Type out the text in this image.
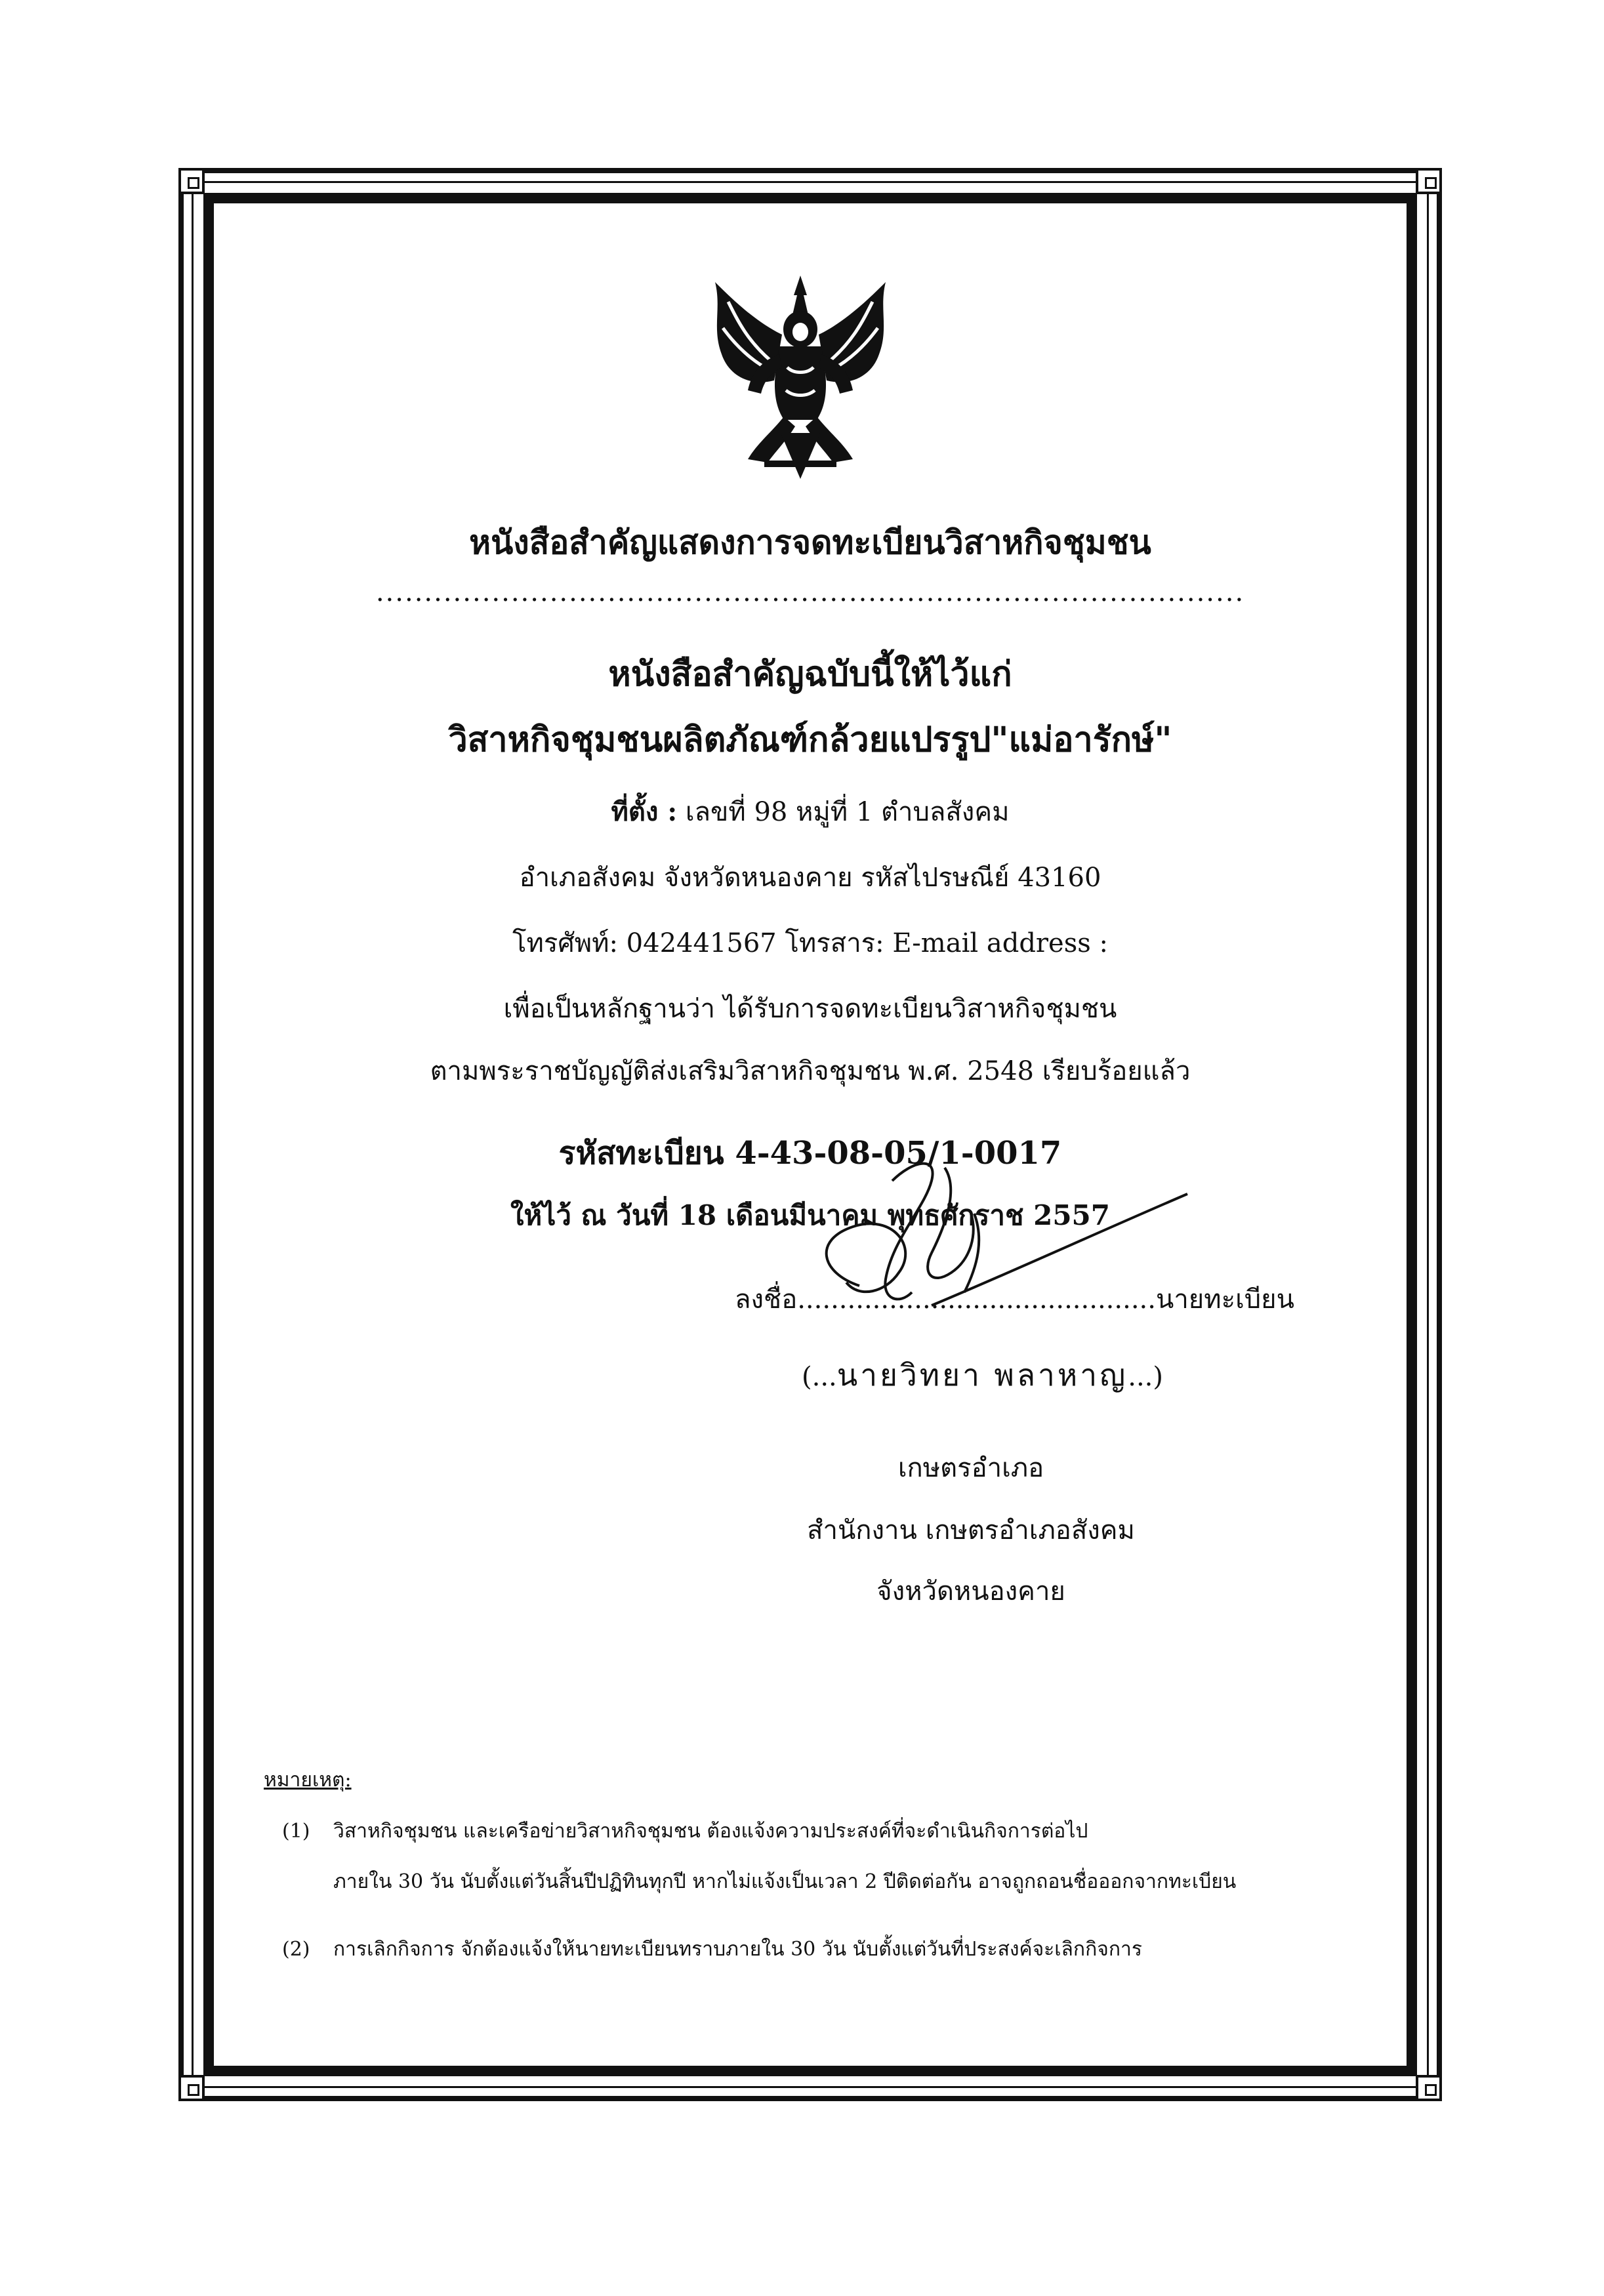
หนังสือสำคัญแสดงการจดทะเบียนวิสาหกิจชุมชน
..........................................................................................
หนังสือสำคัญฉบับนี้ให้ไว้แก่
วิสาหกิจชุมชนผลิตภัณฑ์กล้วยแปรรูป"แม่อารักษ์"
ที่ตั้ง : เลขที่ 98 หมู่ที่ 1 ตำบลสังคม
อำเภอสังคม จังหวัดหนองคาย รหัสไปรษณีย์ 43160
โทรศัพท์: 042441567 โทรสาร: E-mail address :
เพื่อเป็นหลักฐานว่า ได้รับการจดทะเบียนวิสาหกิจชุมชน
ตามพระราชบัญญัติส่งเสริมวิสาหกิจชุมชน พ.ศ. 2548 เรียบร้อยแล้ว
รหัสทะเบียน 4-43-08-05/1-0017
ให้ไว้ ณ วันที่ 18 เดือนมีนาคม พุทธศักราช 2557
ลงชื่อ...........................................นายทะเบียน
(...นายวิทยา พลาหาญ...)
เกษตรอำเภอ
สำนักงาน เกษตรอำเภอสังคม
จังหวัดหนองคาย
หมายเหตุ:
(1) วิสาหกิจชุมชน และเครือข่ายวิสาหกิจชุมชน ต้องแจ้งความประสงค์ที่จะดำเนินกิจการต่อไป
ภายใน 30 วัน นับตั้งแต่วันสิ้นปีปฏิทินทุกปี หากไม่แจ้งเป็นเวลา 2 ปีติดต่อกัน อาจถูกถอนชื่อออกจากทะเบียน
(2) การเลิกกิจการ จักต้องแจ้งให้นายทะเบียนทราบภายใน 30 วัน นับตั้งแต่วันที่ประสงค์จะเลิกกิจการ
